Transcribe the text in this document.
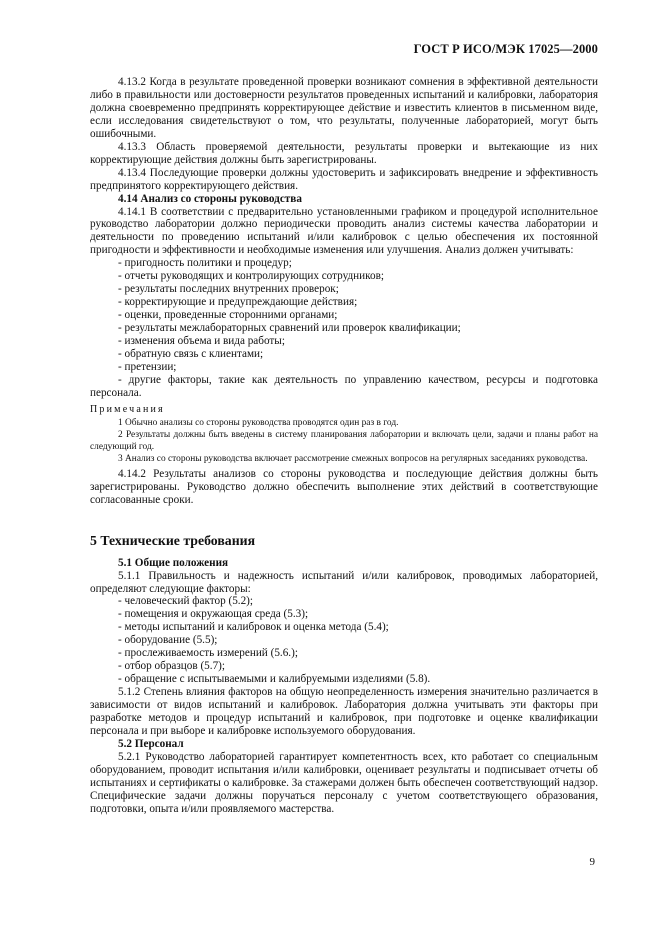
ГОСТ Р ИСО/МЭК 17025—2000

4.13.2 Когда в результате проведенной проверки возникают сомнения в эффективной деятельности либо в правильности или достоверности результатов проведенных испытаний и калибровки, лаборатория должна своевременно предпринять корректирующее действие и известить клиентов в письменном виде, если исследования свидетельствуют о том, что результаты, полученные лабораторией, могут быть ошибочными.

4.13.3 Область проверяемой деятельности, результаты проверки и вытекающие из них корректирующие действия должны быть зарегистрированы.

4.13.4 Последующие проверки должны удостоверить и зафиксировать внедрение и эффективность предпринятого корректирующего действия.

4.14 Анализ со стороны руководства

4.14.1 В соответствии с предварительно установленными графиком и процедурой исполнительное руководство лаборатории должно периодически проводить анализ системы качества лаборатории и деятельности по проведению испытаний и/или калибровок с целью обеспечения их постоянной пригодности и эффективности и необходимые изменения или улучшения. Анализ должен учитывать:

- пригодность политики и процедур;

- отчеты руководящих и контролирующих сотрудников;

- результаты последних внутренних проверок;

- корректирующие и предупреждающие действия;

- оценки, проведенные сторонними органами;

- результаты межлабораторных сравнений или проверок квалификации;

- изменения объема и вида работы;

- обратную связь с клиентами;

- претензии;

- другие факторы, такие как деятельность по управлению качеством, ресурсы и подготовка персонала.

Примечания

1 Обычно анализы со стороны руководства проводятся один раз в год.

2 Результаты должны быть введены в систему планирования лаборатории и включать цели, задачи и планы работ на следующий год.

3 Анализ со стороны руководства включает рассмотрение смежных вопросов на регулярных заседаниях руководства.

4.14.2 Результаты анализов со стороны руководства и последующие действия должны быть зарегистрированы. Руководство должно обеспечить выполнение этих действий в соответствующие согласованные сроки.

5 Технические требования

5.1 Общие положения

5.1.1 Правильность и надежность испытаний и/или калибровок, проводимых лабораторией, определяют следующие факторы:

- человеческий фактор (5.2);

- помещения и окружающая среда (5.3);

- методы испытаний и калибровок и оценка метода (5.4);

- оборудование (5.5);

- прослеживаемость измерений (5.6.);

- отбор образцов (5.7);

- обращение с испытываемыми и калибруемыми изделиями (5.8).

5.1.2 Степень влияния факторов на общую неопределенность измерения значительно различается в зависимости от видов испытаний и калибровок. Лаборатория должна учитывать эти факторы при разработке методов и процедур испытаний и калибровок, при подготовке и оценке квалификации персонала и при выборе и калибровке используемого оборудования.

5.2 Персонал

5.2.1 Руководство лабораторией гарантирует компетентность всех, кто работает со специальным оборудованием, проводит испытания и/или калибровки, оценивает результаты и подписывает отчеты об испытаниях и сертификаты о калибровке. За стажерами должен быть обеспечен соответствующий надзор. Специфические задачи должны поручаться персоналу с учетом соответствующего образования, подготовки, опыта и/или проявляемого мастерства.

9
